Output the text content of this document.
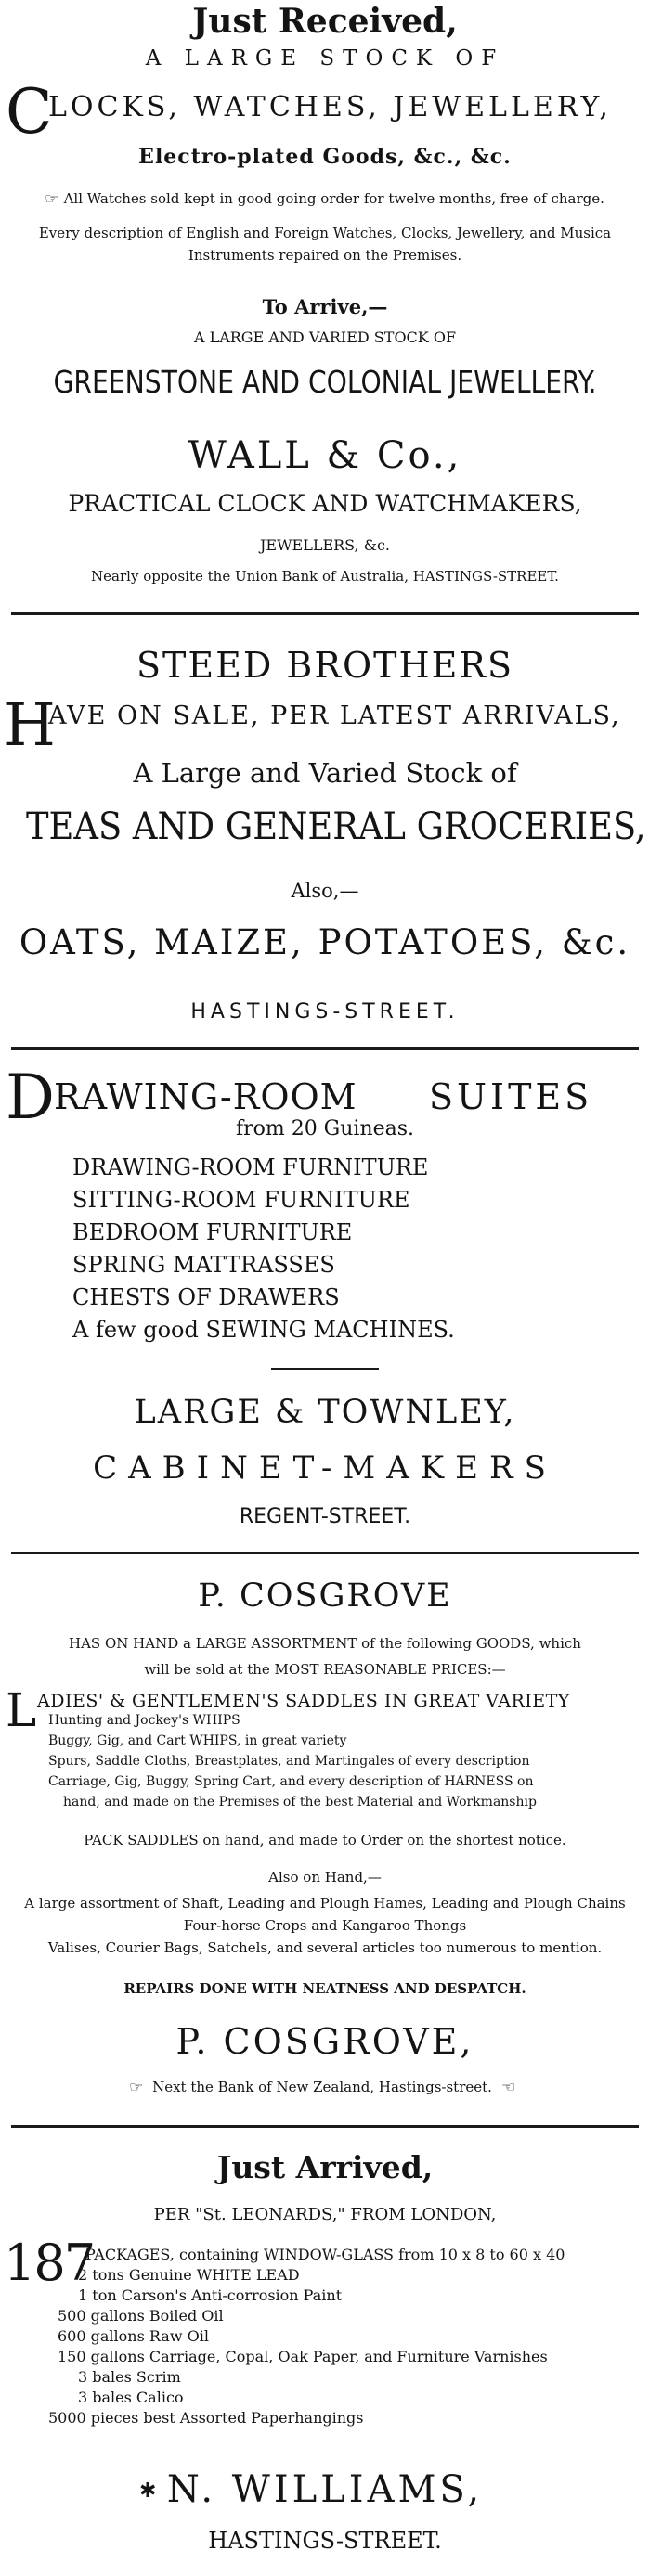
Just Received,
A LARGE STOCK OF
C
LOCKS, WATCHES, JEWELLERY,
Electro-plated Goods, &c., &c.
☞ All Watches sold kept in good going order for twelve months, free of charge.
Every description of English and Foreign Watches, Clocks, Jewellery, and Musica
Instruments repaired on the Premises.
To Arrive,—
A LARGE AND VARIED STOCK OF
GREENSTONE AND COLONIAL JEWELLERY.
WALL & Co.,
PRACTICAL CLOCK AND WATCHMAKERS,
JEWELLERS, &c.
Nearly opposite the Union Bank of Australia, HASTINGS-STREET.
STEED BROTHERS
H
AVE ON SALE, PER LATEST ARRIVALS,
A Large and Varied Stock of
TEAS AND GENERAL GROCERIES,
Also,—
OATS, MAIZE, POTATOES, &c.
HASTINGS-STREET.
D RAWING-ROOM SUITES
from 20 Guineas.
DRAWING-ROOM FURNITURE
SITTING-ROOM FURNITURE
BEDROOM FURNITURE
SPRING MATTRASSES
CHESTS OF DRAWERS
A few good SEWING MACHINES.
LARGE & TOWNLEY,
CABINET-MAKERS
REGENT-STREET.
P. COSGROVE
HAS ON HAND a LARGE ASSORTMENT of the following GOODS, which
will be sold at the MOST REASONABLE PRICES:—
L ADIES' & GENTLEMEN'S SADDLES IN GREAT VARIETY
Hunting and Jockey's WHIPS
Buggy, Gig, and Cart WHIPS, in great variety
Spurs, Saddle Cloths, Breastplates, and Martingales of every description
Carriage, Gig, Buggy, Spring Cart, and every description of HARNESS on
hand, and made on the Premises of the best Material and Workmanship
PACK SADDLES on hand, and made to Order on the shortest notice.
Also on Hand,—
A large assortment of Shaft, Leading and Plough Hames, Leading and Plough Chains
Four-horse Crops and Kangaroo Thongs
Valises, Courier Bags, Satchels, and several articles too numerous to mention.
REPAIRS DONE WITH NEATNESS AND DESPATCH.
P. COSGROVE,
☞ Next the Bank of New Zealand, Hastings-street. ☜
Just Arrived,
PER "St. LEONARDS," FROM LONDON,
187
PACKAGES, containing WINDOW-GLASS from 10 x 8 to 60 x 40
2 tons Genuine WHITE LEAD
1 ton Carson's Anti-corrosion Paint
500 gallons Boiled Oil
600 gallons Raw Oil
150 gallons Carriage, Copal, Oak Paper, and Furniture Varnishes
3 bales Scrim
3 bales Calico
5000 pieces best Assorted Paperhangings
✱ N. WILLIAMS,
HASTINGS-STREET.
